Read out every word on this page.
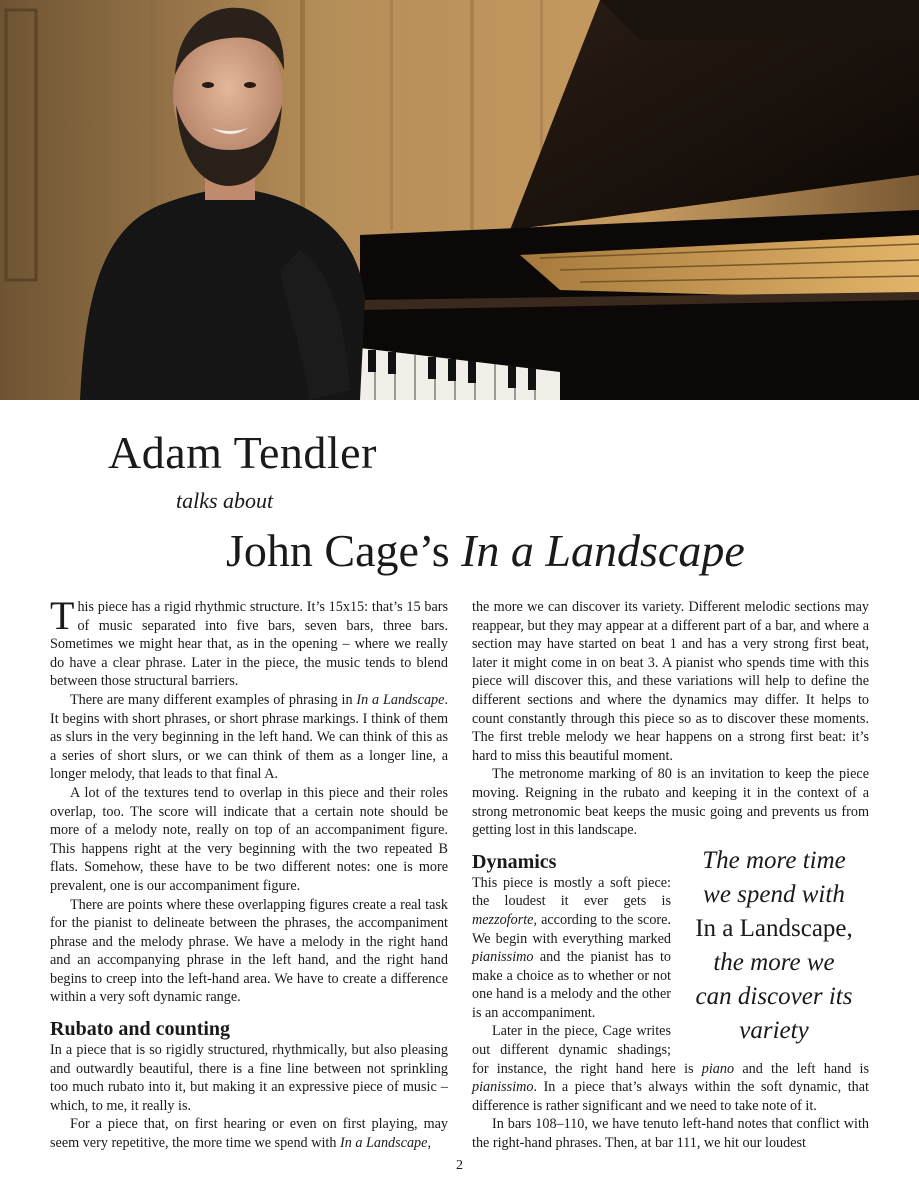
Adam Tendler
talks about
John Cage’s In a Landscape

This piece has a rigid rhythmic structure. It’s 15x15: that’s 15 bars of music separated into five bars, seven bars, three bars. Sometimes we might hear that, as in the opening – where we really do have a clear phrase. Later in the piece, the music tends to blend between those structural barriers.

There are many different examples of phrasing in In a Landscape. It begins with short phrases, or short phrase markings. I think of them as slurs in the very beginning in the left hand. We can think of this as a series of short slurs, or we can think of them as a longer line, a longer melody, that leads to that final A.

A lot of the textures tend to overlap in this piece and their roles overlap, too. The score will indicate that a certain note should be more of a melody note, really on top of an accompaniment figure. This happens right at the very beginning with the two repeated B flats. Somehow, these have to be two different notes: one is more prevalent, one is our accompaniment figure.

There are points where these overlapping figures create a real task for the pianist to delineate between the phrases, the accompaniment phrase and the melody phrase. We have a melody in the right hand and an accompanying phrase in the left hand, and the right hand begins to creep into the left-hand area. We have to create a difference within a very soft dynamic range.

Rubato and counting

In a piece that is so rigidly structured, rhythmically, but also pleasing and outwardly beautiful, there is a fine line between not sprinkling too much rubato into it, but making it an expressive piece of music – which, to me, it really is.

For a piece that, on first hearing or even on first playing, may seem very repetitive, the more time we spend with In a Landscape,

the more we can discover its variety. Different melodic sections may reappear, but they may appear at a different part of a bar, and where a section may have started on beat 1 and has a very strong first beat, later it might come in on beat 3. A pianist who spends time with this piece will discover this, and these variations will help to define the different sections and where the dynamics may differ. It helps to count constantly through this piece so as to discover these moments. The first treble melody we hear happens on a strong first beat: it’s hard to miss this beautiful moment.

The metronome marking of 80 is an invitation to keep the piece moving. Reigning in the rubato and keeping it in the context of a strong metronomic beat keeps the music going and prevents us from getting lost in this landscape.

The more time
we spend with
In a Landscape,
the more we
can discover its
variety
Dynamics

This piece is mostly a soft piece: the loudest it ever gets is mezzoforte, according to the score. We begin with everything marked pianissimo and the pianist has to make a choice as to whether or not one hand is a melody and the other is an accompaniment.

Later in the piece, Cage writes out different dynamic shadings; for instance, the right hand here is piano and the left hand is pianissimo. In a piece that’s always within the soft dynamic, that difference is rather significant and we need to take note of it.

In bars 108–110, we have tenuto left-hand notes that conflict with the right-hand phrases. Then, at bar 111, we hit our loudest

2
